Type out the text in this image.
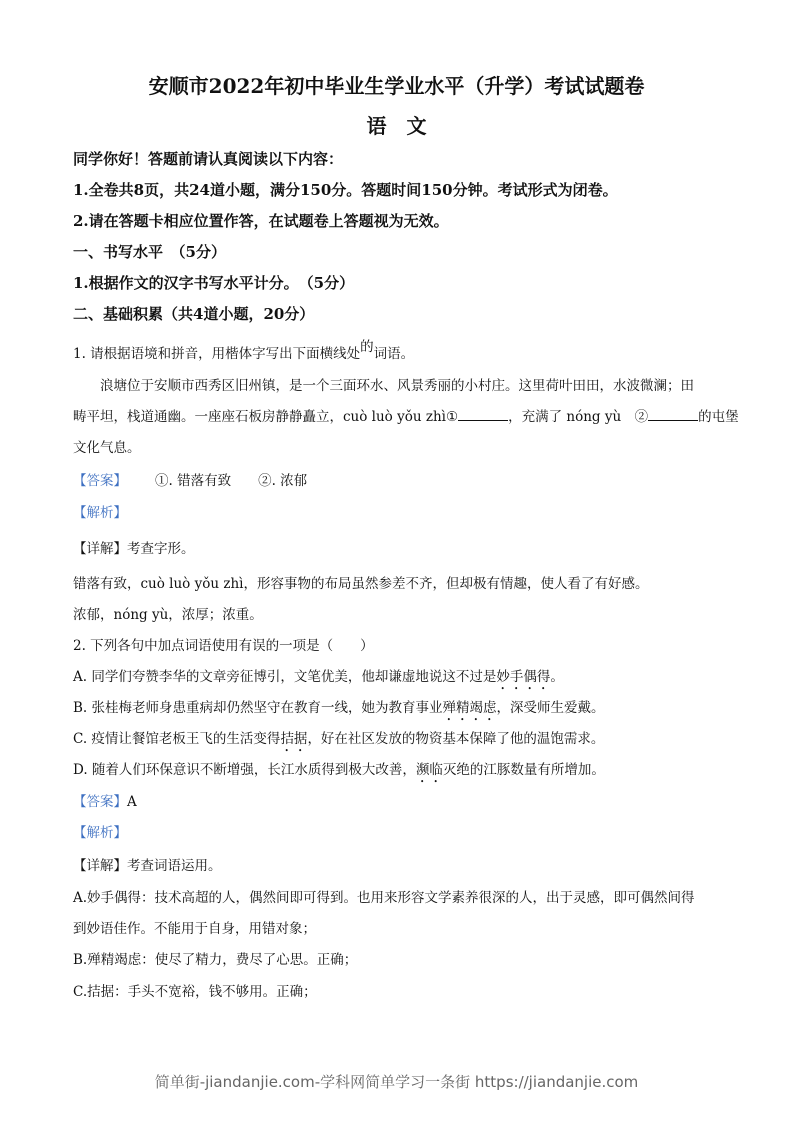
安顺市2022年初中毕业生学业水平（升学）考试试题卷
语　文
同学你好！答题前请认真阅读以下内容：
1.全卷共8页，共24道小题，满分150分。答题时间150分钟。考试形式为闭卷。
2.请在答题卡相应位置作答，在试题卷上答题视为无效。
一、书写水平　（5分）
1.根据作文的汉字书写水平计分。　（5分）
二、基础积累（共4道小题，20分）
1. 请根据语境和拼音，用楷体字写出下面横线处的词语。
浪塘位于安顺市西秀区旧州镇，是一个三面环水、风景秀丽的小村庄。这里荷叶田田，水波微澜；田
畴平坦，栈道通幽。一座座石板房静静矗立，cuò luò yǒu zhì①	，充满了 nóng yù　②	的屯堡
文化气息。
【答案】 ①. 错落有致　　②. 浓郁
【解析】
【详解】考查字形。
错落有致，cuò luò yǒu zhì，形容事物的布局虽然参差不齐，但却极有情趣，使人看了有好感。
浓郁，nóng yù，浓厚；浓重。
2. 下列各句中加点词语使用有误的一项是（　　）
A. 同学们夸赞李华的文章旁征博引，文笔优美，他却谦虚地说这不过是妙手偶得。
B. 张桂梅老师身患重病却仍然坚守在教育一线，她为教育事业殚精竭虑，深受师生爱戴。
C. 疫情让餐馆老板王飞的生活变得拮据，好在社区发放的物资基本保障了他的温饱需求。
D. 随着人们环保意识不断增强，长江水质得到极大改善，濒临灭绝的江豚数量有所增加。
【答案】A
【解析】
【详解】考查词语运用。
A.妙手偶得：技术高超的人，偶然间即可得到。也用来形容文学素养很深的人，出于灵感，即可偶然间得
到妙语佳作。不能用于自身，用错对象；
B.殚精竭虑：使尽了精力，费尽了心思。正确；
C.拮据：手头不宽裕，钱不够用。正确；
简单街-jiandanjie.com-学科网简单学习一条街 https://jiandanjie.com
